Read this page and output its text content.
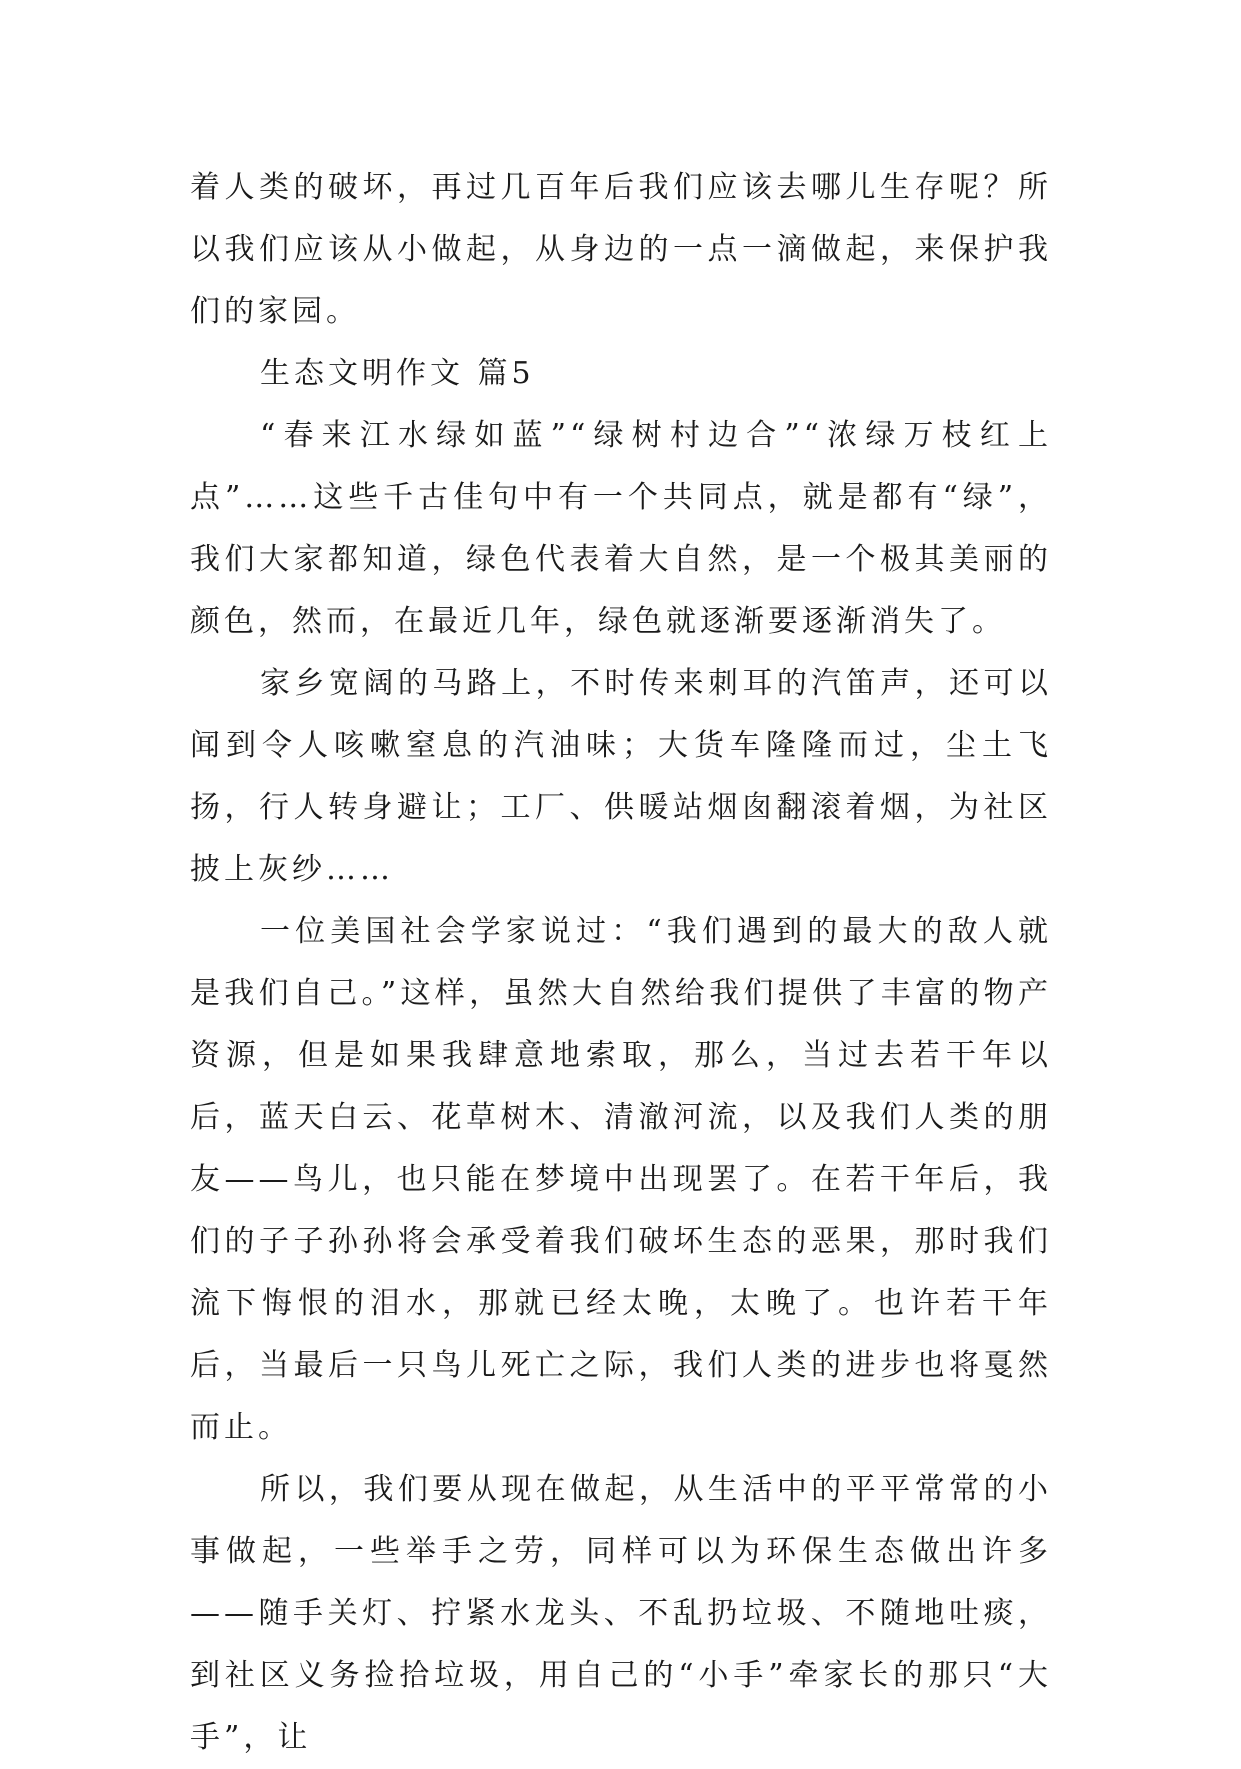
着人类的破坏，再过几百年后我们应该去哪儿生存呢？所以我们应该从小做起，从身边的一点一滴做起，来保护我们的家园。

生态文明作文 篇5

“春来江水绿如蓝”“绿树村边合”“浓绿万枝红上点”……这些千古佳句中有一个共同点，就是都有“绿”，我们大家都知道，绿色代表着大自然，是一个极其美丽的颜色，然而，在最近几年，绿色就逐渐要逐渐消失了。

家乡宽阔的马路上，不时传来刺耳的汽笛声，还可以闻到令人咳嗽窒息的汽油味；大货车隆隆而过，尘土飞扬，行人转身避让；工厂、供暖站烟囱翻滚着烟，为社区披上灰纱……

一位美国社会学家说过：“我们遇到的最大的敌人就是我们自己。”这样，虽然大自然给我们提供了丰富的物产资源，但是如果我肆意地索取，那么，当过去若干年以后，蓝天白云、花草树木、清澈河流，以及我们人类的朋友——鸟儿，也只能在梦境中出现罢了。在若干年后，我们的子子孙孙将会承受着我们破坏生态的恶果，那时我们流下悔恨的泪水，那就已经太晚，太晚了。也许若干年后，当最后一只鸟儿死亡之际，我们人类的进步也将戛然而止。

所以，我们要从现在做起，从生活中的平平常常的小事做起，一些举手之劳，同样可以为环保生态做出许多——随手关灯、拧紧水龙头、不乱扔垃圾、不随地吐痰，到社区义务捡拾垃圾，用自己的“小手”牵家长的那只“大手”，让
